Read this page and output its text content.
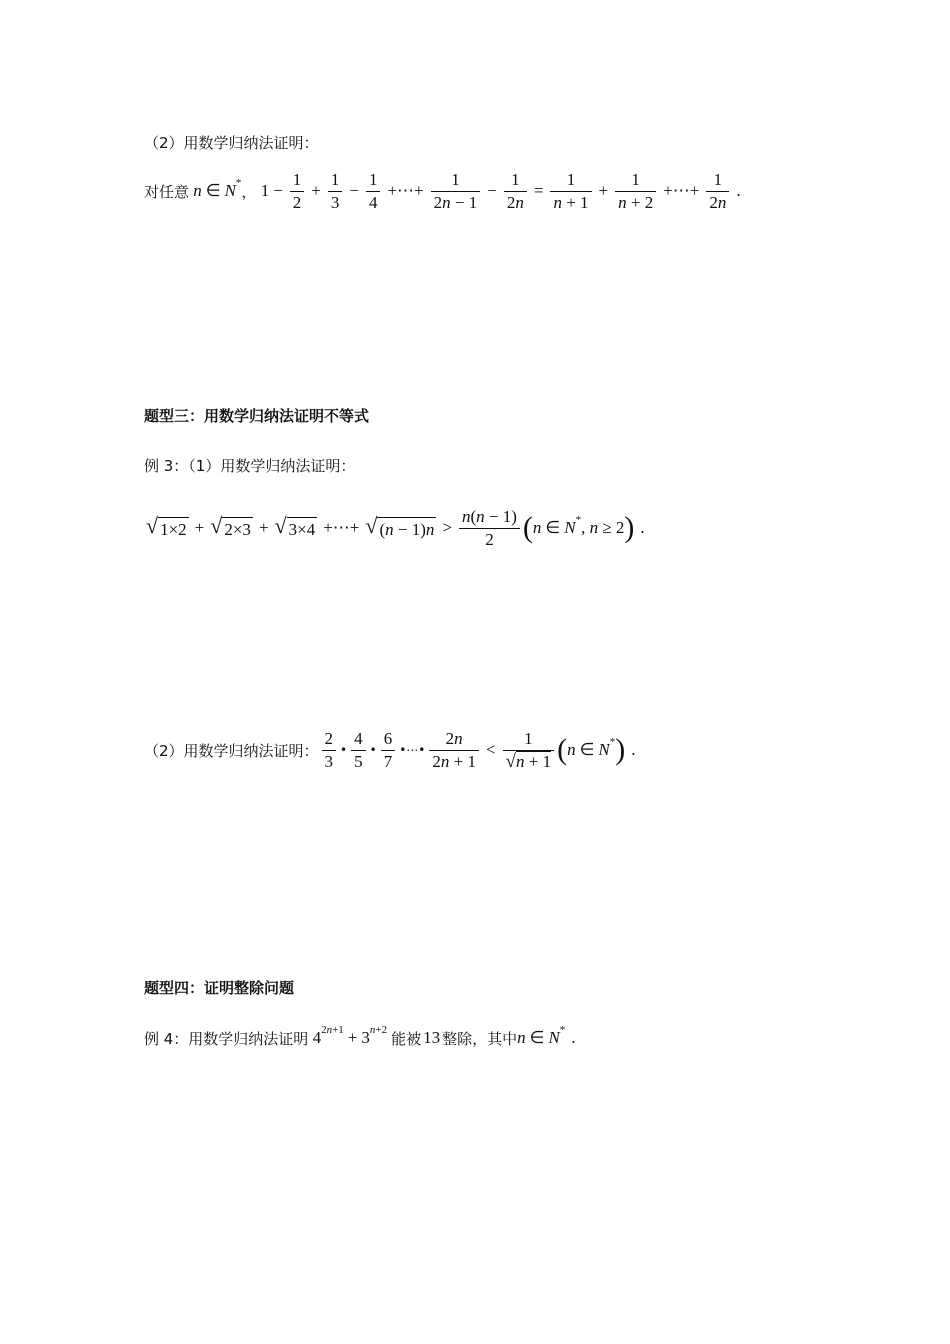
（2）用数学归纳法证明：
对任意 n ∈ N * ， $1 - \frac{1}{2} + \frac{1}{3} - \frac{1}{4}$ +⋯+ $\frac{1}{2n - 1} - \frac{1}{2n} = \frac{1}{n + 1} + \frac{1}{n + 2}$ +⋯+ $\frac{1}{2n}$ .
题型三：用数学归纳法证明不等式
例 3：（1）用数学归纳法证明：
√ 1×2 + √ 2×3 + √ 3×4 +⋯+ √ $(n - 1)n > \frac{n(n - 1)}{2}$ ( n ∈ N * , n ≥ 2 ) .
（2）用数学归纳法证明： $\frac{2}{3}$ • $\frac{4}{5}$ • $\frac{6}{7}$ •⋯• $\frac{2n}{2n + 1} < \frac{1}{√n + 1}$ ( n ∈ N * ) .
题型四：证明整除问题
例 4：用数学归纳法证明 4 2n+1 + 3 n+2 能被 13 整除，其中 n ∈ N * .
